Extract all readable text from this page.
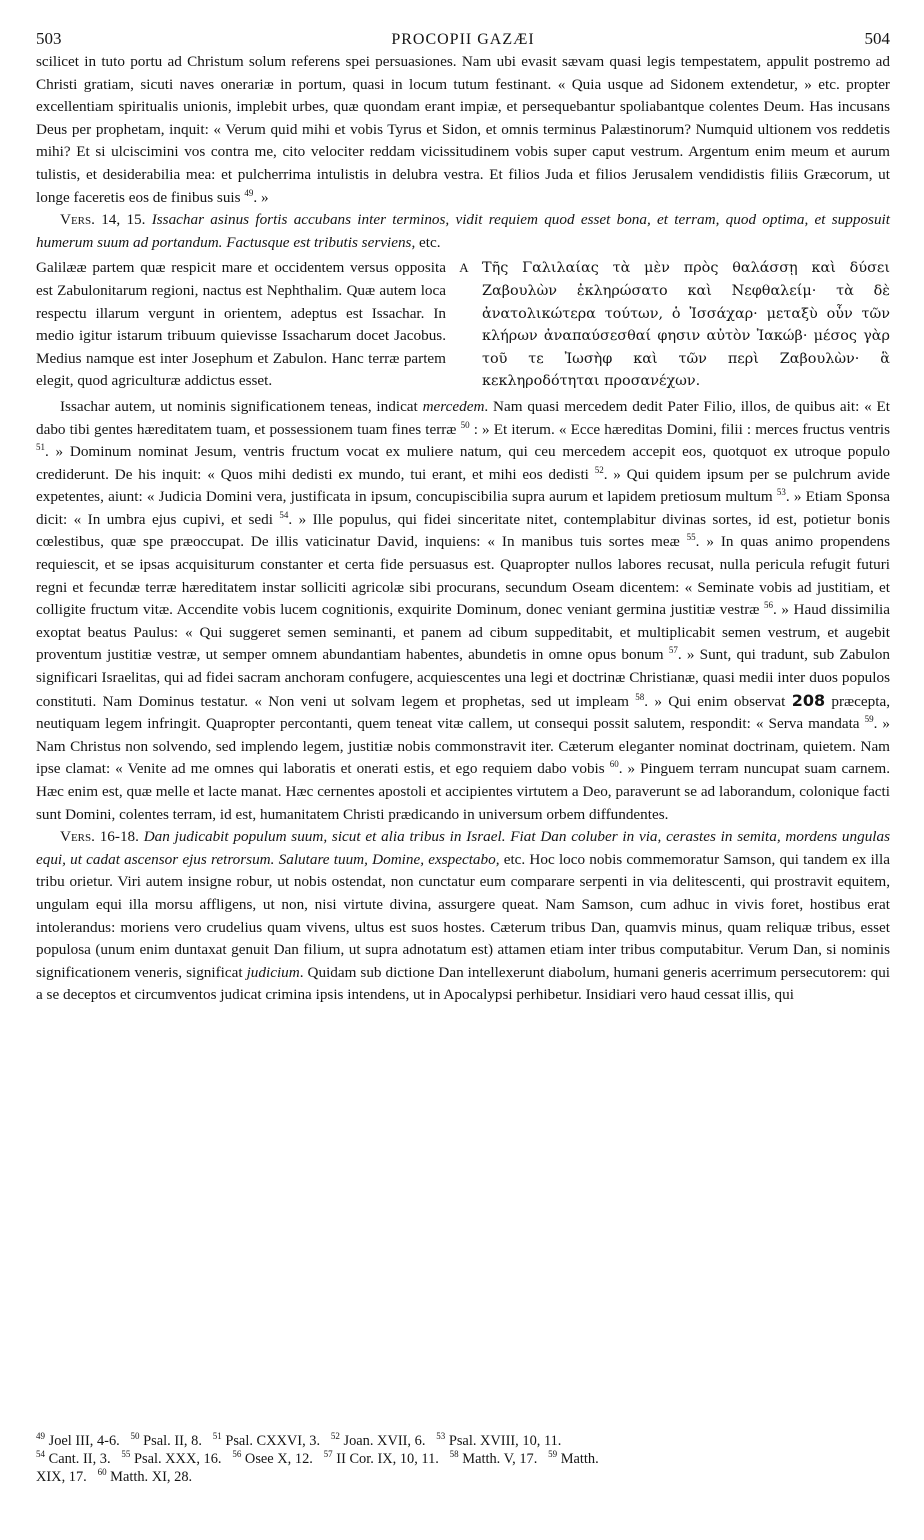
503	PROCOPII GAZÆI	504

scilicet in tuto portu ad Christum solum referens spei persuasiones. Nam ubi evasit sævam quasi legis tempestatem, appulit postremo ad Christi gratiam, sicuti naves onerariæ in portum, quasi in locum tutum festinant. « Quia usque ad Sidonem extendetur, » etc. propter excellentiam spiritualis unionis, implebit urbes, quæ quondam erant impiæ, et persequebantur spoliabantque colentes Deum. Has incusans Deus per prophetam, inquit: « Verum quid mihi et vobis Tyrus et Sidon, et omnis terminus Palæstinorum? Numquid ultionem vos reddetis mihi? Et si ulciscimini vos contra me, cito velociter reddam vicissitudinem vobis super caput vestrum. Argentum enim meum et aurum tulistis, et desiderabilia mea: et pulcherrima intulistis in delubra vestra. Et filios Juda et filios Jerusalem vendidistis filiis Græcorum, ut longe faceretis eos de finibus suis $^{49}$. »

Vers. 14, 15. Issachar asinus fortis accubans inter terminos, vidit requiem quod esset bona, et terram, quod optima, et supposuit humerum suum ad portandum. Factusque est tributis serviens, etc.

Galilææ partem quæ respicit mare et occidentem versus opposita est Zabulonitarum regioni, nactus est Nephthalim. Quæ autem loca respectu illarum vergunt in orientem, adeptus est Issachar. In medio igitur istarum tribuum quievisse Issacharum docet Jacobus. Medius namque est inter Josephum et Zabulon. Hanc terræ partem elegit, quod agriculturæ addictus esset.
A Τῆς Γαλιλαίας τὰ μὲν πρὸς θαλάσσῃ καὶ δύσει Ζαβουλὼν ἐκληρώσατο καὶ Νεφθαλείμ· τὰ δὲ ἀνατολικώτερα τούτων, ὁ Ἰσσάχαρ· μεταξὺ οὖν τῶν κλήρων ἀναπαύσεσθαί φησιν αὐτὸν Ἰακώβ· μέσος γὰρ τοῦ τε Ἰωσὴφ καὶ τῶν περὶ Ζαβουλὼν· ἃ κεκληροδότηται προσανέχων.

Issachar autem, ut nominis significationem teneas, indicat mercedem. Nam quasi mercedem dedit Pater Filio, illos, de quibus ait: « Et dabo tibi gentes hæreditatem tuam, et possessionem tuam fines terræ $^{50}$ : » Et iterum. « Ecce hæreditas Domini, filii : merces fructus ventris $^{51}$. » Dominum nominat Jesum, ventris fructum vocat ex muliere natum, qui ceu mercedem accepit eos, quotquot ex utroque populo crediderunt. De his inquit: « Quos mihi dedisti ex mundo, tui erant, et mihi eos dedisti $^{52}$. » Qui quidem ipsum per se pulchrum avide expetentes, aiunt: « Judicia Domini vera, justificata in ipsum, concupiscibilia supra aurum et lapidem pretiosum multum $^{53}$. » Etiam Sponsa dicit: « In umbra ejus cupivi, et sedi $^{54}$. » Ille populus, qui fidei sinceritate nitet, contemplabitur divinas sortes, id est, potietur bonis cœlestibus, quæ spe præoccupat. De illis vaticinatur David, inquiens: « In manibus tuis sortes meæ $^{55}$. » In quas animo propendens requiescit, et se ipsas acquisiturum constanter et certa fide persuasus est. Quapropter nullos labores recusat, nulla pericula refugit futuri regni et fecundæ terræ hæreditatem instar solliciti agricolæ sibi procurans, secundum Oseam dicentem: « Seminate vobis ad justitiam, et colligite fructum vitæ. Accendite vobis lucem cognitionis, exquirite Dominum, donec veniant germina justitiæ vestræ $^{56}$. » Haud dissimilia exoptat beatus Paulus: « Qui suggeret semen seminanti, et panem ad cibum suppeditabit, et multiplicabit semen vestrum, et augebit proventum justitiæ vestræ, ut semper omnem abundantiam habentes, abundetis in omne opus bonum $^{57}$. » Sunt, qui tradunt, sub Zabulon significari Israelitas, qui ad fidei sacram anchoram confugere, acquiescentes una legi et doctrinæ Christianæ, quasi medii inter duos populos constituti. Nam Dominus testatur. « Non veni ut solvam legem et prophetas, sed ut impleam $^{58}$. » Qui enim observat 208 præcepta, neutiquam legem infringit. Quapropter percontanti, quem teneat vitæ callem, ut consequi possit salutem, respondit: « Serva mandata $^{59}$. » Nam Christus non solvendo, sed implendo legem, justitiæ nobis commonstravit iter. Cæterum eleganter nominat doctrinam, quietem. Nam ipse clamat: « Venite ad me omnes qui laboratis et onerati estis, et ego requiem dabo vobis $^{60}$. » Pinguem terram nuncupat suam carnem. Hæc enim est, quæ melle et lacte manat. Hæc cernentes apostoli et accipientes virtutem a Deo, paraverunt se ad laborandum, colonique facti sunt Domini, colentes terram, id est, humanitatem Christi prædicando in universum orbem diffundentes.

Vers. 16-18. Dan judicabit populum suum, sicut et alia tribus in Israel. Fiat Dan coluber in via, cerastes in semita, mordens ungulas equi, ut cadat ascensor ejus retrorsum. Salutare tuum, Domine, exspectabo, etc. Hoc loco nobis commemoratur Samson, qui tandem ex illa tribu orietur. Viri autem insigne robur, ut nobis ostendat, non cunctatur eum comparare serpenti in via delitescenti, qui prostravit equitem, ungulam equi illa morsu affligens, ut non, nisi virtute divina, assurgere queat. Nam Samson, cum adhuc in vivis foret, hostibus erat intolerandus: moriens vero crudelius quam vivens, ultus est suos hostes. Cæterum tribus Dan, quamvis minus, quam reliquæ tribus, esset populosa (unum enim duntaxat genuit Dan filium, ut supra adnotatum est) attamen etiam inter tribus computabitur. Verum Dan, si nominis significationem veneris, significat judicium. Quidam sub dictione Dan intellexerunt diabolum, humani generis acerrimum persecutorem: qui a se deceptos et circumventos judicat crimina ipsis intendens, ut in Apocalypsi perhibetur. Insidiari vero haud cessat illis, qui

$^{49}$ Joel III, 4-6. $^{50}$ Psal. II, 8. $^{51}$ Psal. CXXVI, 3. $^{52}$ Joan. XVII, 6. $^{53}$ Psal. XVIII, 10, 11.
$^{54}$ Cant. II, 3. $^{55}$ Psal. XXX, 16. $^{56}$ Osee X, 12. $^{57}$ II Cor. IX, 10, 11. $^{58}$ Matth. V, 17. $^{59}$ Matth.
XIX, 17. $^{60}$ Matth. XI, 28.
